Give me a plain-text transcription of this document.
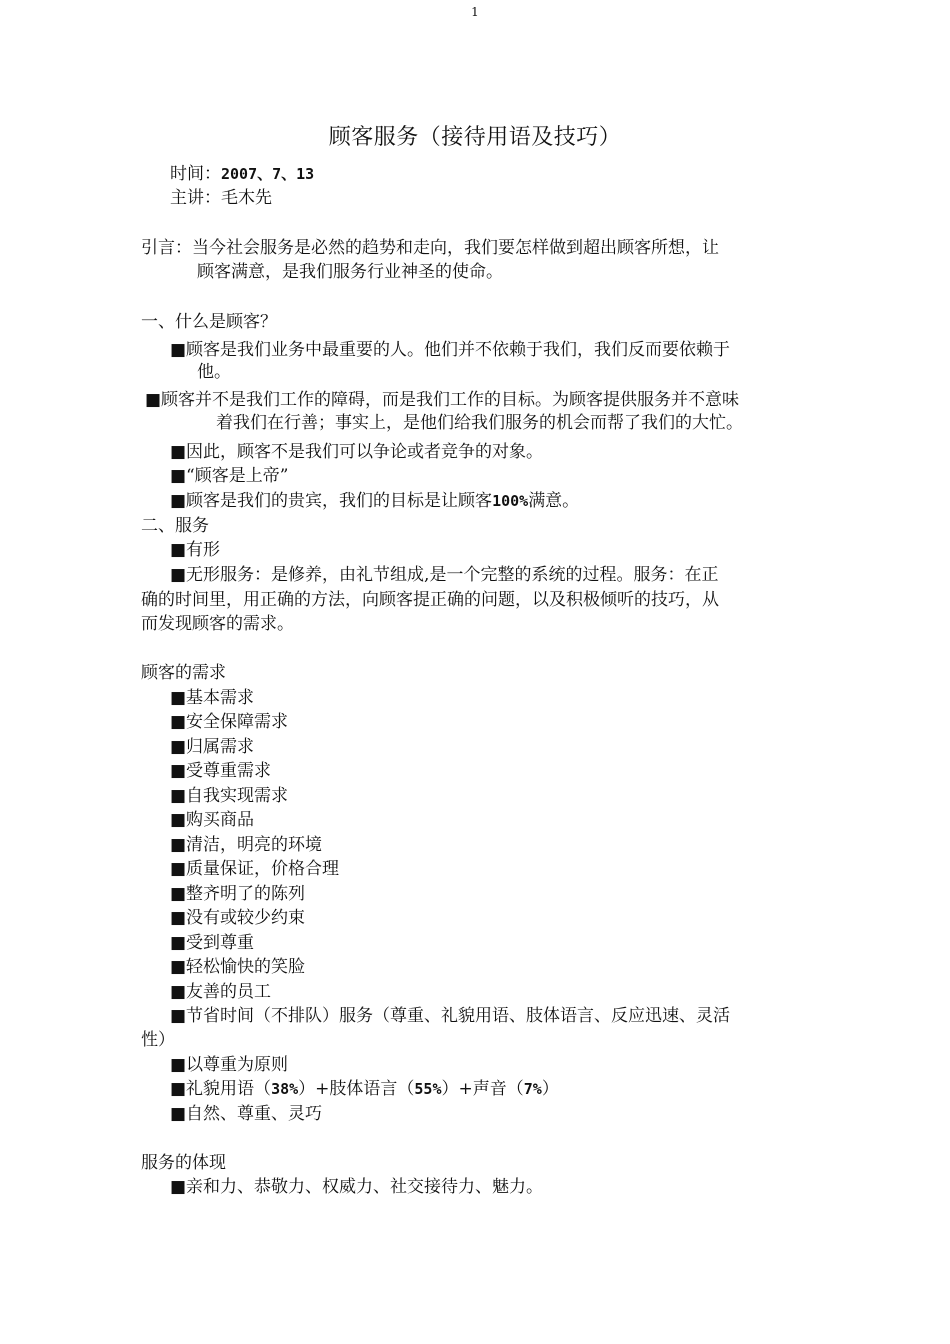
1
顾客服务（接待用语及技巧）
时间：2007、7、13
主讲：毛木先
引言：当今社会服务是必然的趋势和走向，我们要怎样做到超出顾客所想，让
顾客满意，是我们服务行业神圣的使命。
一、什么是顾客？
■顾客是我们业务中最重要的人。他们并不依赖于我们，我们反而要依赖于
他。
■顾客并不是我们工作的障碍，而是我们工作的目标。为顾客提供服务并不意味
着我们在行善；事实上，是他们给我们服务的机会而帮了我们的大忙。
■因此，顾客不是我们可以争论或者竞争的对象。
■“顾客是上帝”
■顾客是我们的贵宾，我们的目标是让顾客100%满意。
二、服务
■有形
■无形服务：是修养，由礼节组成,是一个完整的系统的过程。服务：在正
确的时间里，用正确的方法，向顾客提正确的问题，以及积极倾听的技巧，从
而发现顾客的需求。
顾客的需求
■基本需求
■安全保障需求
■归属需求
■受尊重需求
■自我实现需求
■购买商品
■清洁，明亮的环境
■质量保证，价格合理
■整齐明了的陈列
■没有或较少约束
■受到尊重
■轻松愉快的笑脸
■友善的员工
■节省时间（不排队）服务（尊重、礼貌用语、肢体语言、反应迅速、灵活
性）
■以尊重为原则
■礼貌用语（38%）+肢体语言（55%）+声音（7%）
■自然、尊重、灵巧
服务的体现
■亲和力、恭敬力、权威力、社交接待力、魅力。
